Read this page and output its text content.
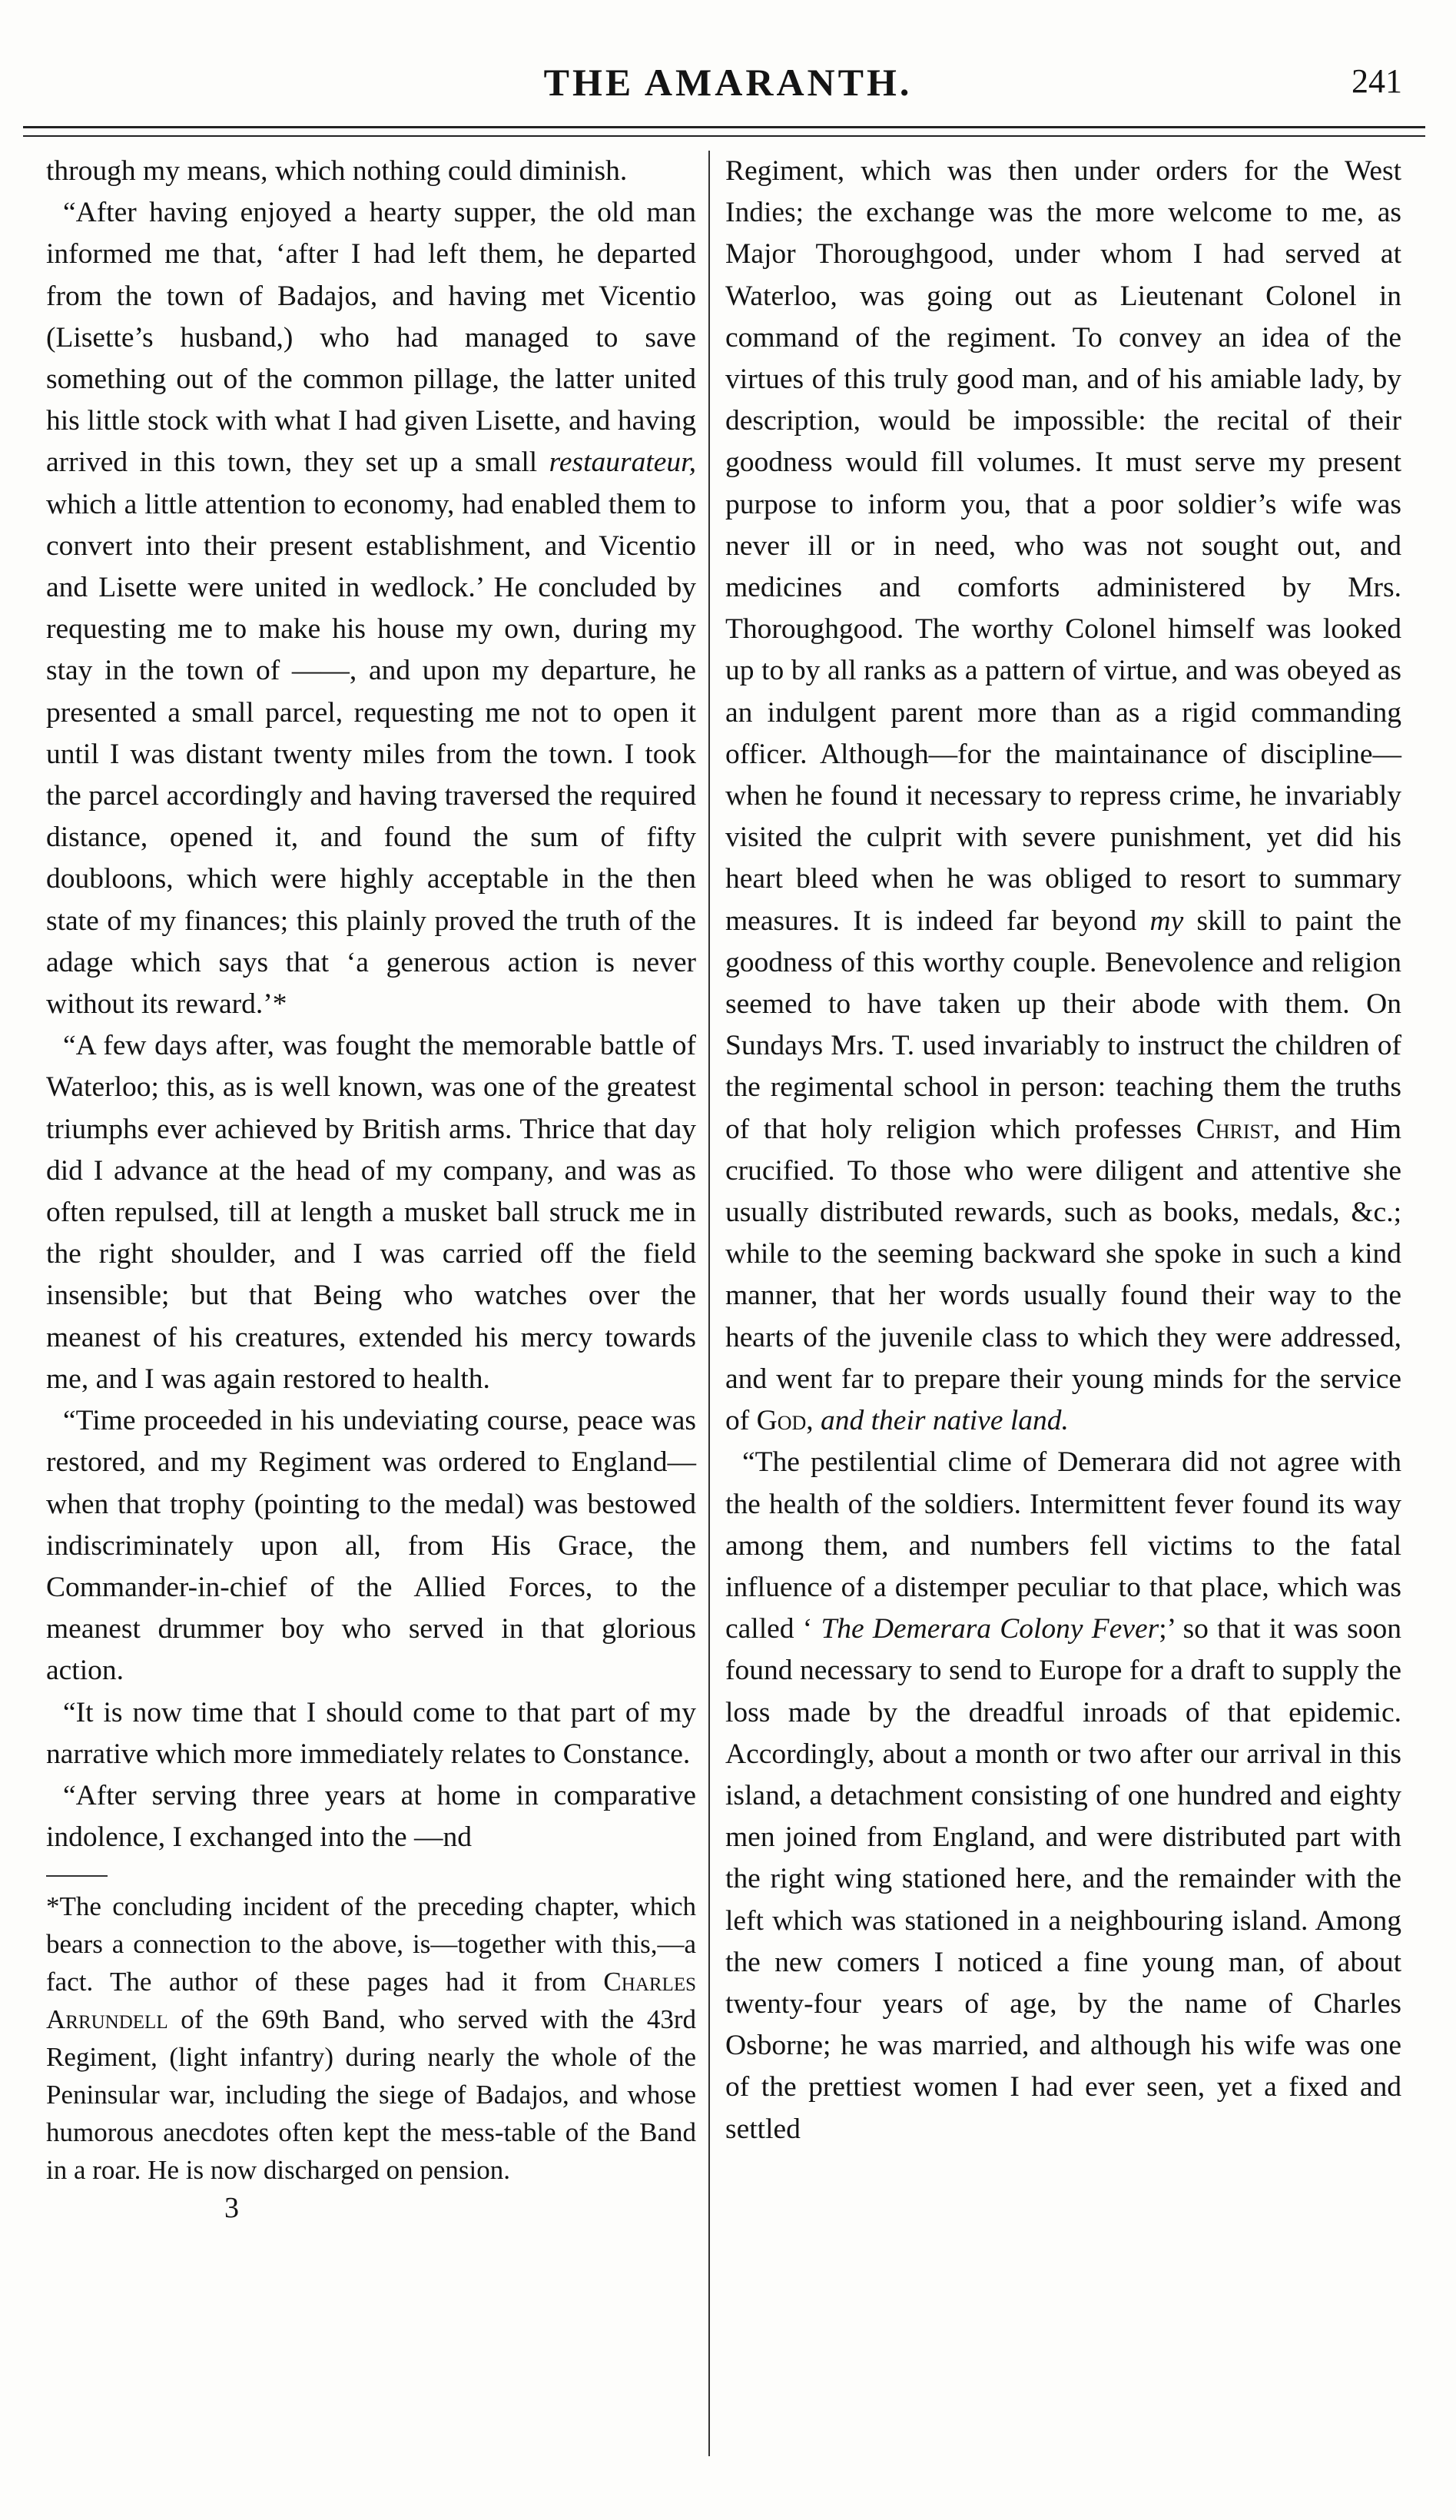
THE AMARANTH.	241

through my means, which nothing could diminish.

“After having enjoyed a hearty supper, the old man informed me that, ‘after I had left them, he departed from the town of Badajos, and having met Vicentio (Lisette’s husband,) who had managed to save something out of the common pillage, the latter united his little stock with what I had given Lisette, and having arrived in this town, they set up a small restaurateur, which a little attention to economy, had enabled them to convert into their present establishment, and Vicentio and Lisette were united in wedlock.’ He concluded by requesting me to make his house my own, during my stay in the town of ——, and upon my departure, he presented a small parcel, requesting me not to open it until I was distant twenty miles from the town. I took the parcel accordingly and having traversed the required distance, opened it, and found the sum of fifty doubloons, which were highly acceptable in the then state of my finances; this plainly proved the truth of the adage which says that ‘a generous action is never without its reward.’*

“A few days after, was fought the memorable battle of Waterloo; this, as is well known, was one of the greatest triumphs ever achieved by British arms. Thrice that day did I advance at the head of my company, and was as often repulsed, till at length a musket ball struck me in the right shoulder, and I was carried off the field insensible; but that Being who watches over the meanest of his creatures, extended his mercy towards me, and I was again restored to health.

“Time proceeded in his undeviating course, peace was restored, and my Regiment was ordered to England—when that trophy (pointing to the medal) was bestowed indiscriminately upon all, from His Grace, the Commander-in-chief of the Allied Forces, to the meanest drummer boy who served in that glorious action.

“It is now time that I should come to that part of my narrative which more immediately relates to Constance.

“After serving three years at home in comparative indolence, I exchanged into the —nd

*The concluding incident of the preceding chapter, which bears a connection to the above, is—together with this,—a fact. The author of these pages had it from Charles Arrundell of the 69th Band, who served with the 43rd Regiment, (light infantry) during nearly the whole of the Peninsular war, including the siege of Badajos, and whose humorous anecdotes often kept the mess-table of the Band in a roar. He is now discharged on pension.

3

Regiment, which was then under orders for the West Indies; the exchange was the more welcome to me, as Major Thoroughgood, under whom I had served at Waterloo, was going out as Lieutenant Colonel in command of the regiment. To convey an idea of the virtues of this truly good man, and of his amiable lady, by description, would be impossible: the recital of their goodness would fill volumes. It must serve my present purpose to inform you, that a poor soldier’s wife was never ill or in need, who was not sought out, and medicines and comforts administered by Mrs. Thoroughgood. The worthy Colonel himself was looked up to by all ranks as a pattern of virtue, and was obeyed as an indulgent parent more than as a rigid commanding officer. Although—for the maintainance of discipline—when he found it necessary to repress crime, he invariably visited the culprit with severe punishment, yet did his heart bleed when he was obliged to resort to summary measures. It is indeed far beyond my skill to paint the goodness of this worthy couple. Benevolence and religion seemed to have taken up their abode with them. On Sundays Mrs. T. used invariably to instruct the children of the regimental school in person: teaching them the truths of that holy religion which professes Christ, and Him crucified. To those who were diligent and attentive she usually distributed rewards, such as books, medals, &c.; while to the seeming backward she spoke in such a kind manner, that her words usually found their way to the hearts of the juvenile class to which they were addressed, and went far to prepare their young minds for the service of God, and their native land.

“The pestilential clime of Demerara did not agree with the health of the soldiers. Intermittent fever found its way among them, and numbers fell victims to the fatal influence of a distemper peculiar to that place, which was called ‘ The Demerara Colony Fever;’ so that it was soon found necessary to send to Europe for a draft to supply the loss made by the dreadful inroads of that epidemic. Accordingly, about a month or two after our arrival in this island, a detachment consisting of one hundred and eighty men joined from England, and were distributed part with the right wing stationed here, and the remainder with the left which was stationed in a neighbouring island. Among the new comers I noticed a fine young man, of about twenty-four years of age, by the name of Charles Osborne; he was married, and although his wife was one of the prettiest women I had ever seen, yet a fixed and settled
